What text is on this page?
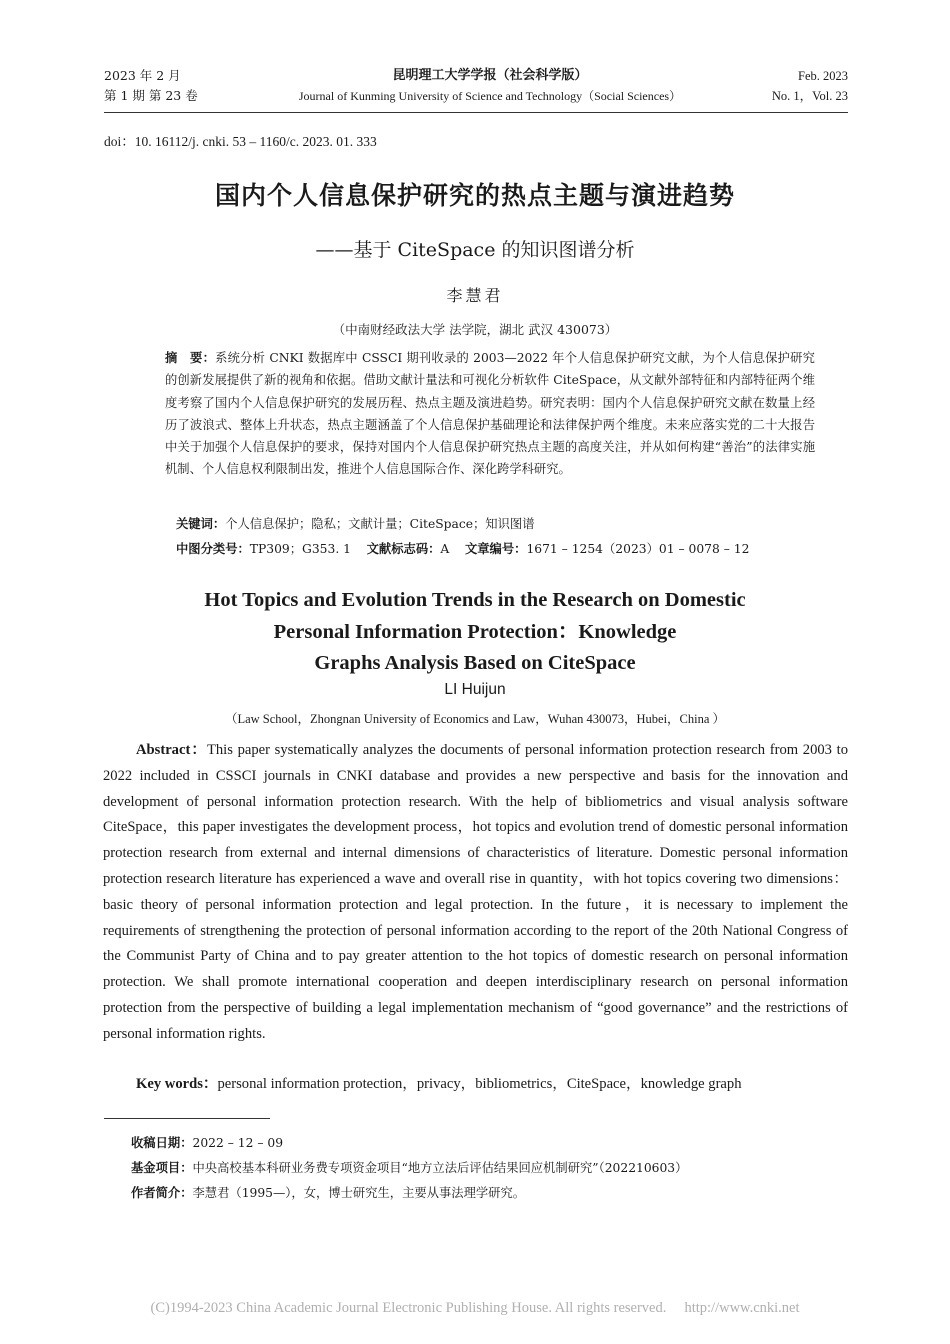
2023 年 2 月
第 1 期 第 23 卷
昆明理工大学学报（社会科学版）
Journal of Kunming University of Science and Technology（Social Sciences）
Feb. 2023
No. 1，Vol. 23
doi：10. 16112/j. cnki. 53 – 1160/c. 2023. 01. 333
国内个人信息保护研究的热点主题与演进趋势
——基于 CiteSpace 的知识图谱分析
李慧君
（中南财经政法大学 法学院，湖北 武汉 430073）
摘　要：系统分析 CNKI 数据库中 CSSCI 期刊收录的 2003—2022 年个人信息保护研究文献，为个人信息保护研究的创新发展提供了新的视角和依据。借助文献计量法和可视化分析软件 CiteSpace，从文献外部特征和内部特征两个维度考察了国内个人信息保护研究的发展历程、热点主题及演进趋势。研究表明：国内个人信息保护研究文献在数量上经历了波浪式、整体上升状态，热点主题涵盖了个人信息保护基础理论和法律保护两个维度。未来应落实党的二十大报告中关于加强个人信息保护的要求，保持对国内个人信息保护研究热点主题的高度关注，并从如何构建“善治”的法律实施机制、个人信息权利限制出发，推进个人信息国际合作、深化跨学科研究。
关键词：个人信息保护；隐私；文献计量；CiteSpace；知识图谱
中图分类号：TP309；G353. 1 文献标志码：A 文章编号：1671 – 1254（2023）01 – 0078 – 12
Hot Topics and Evolution Trends in the Research on Domestic
Personal Information Protection：Knowledge
Graphs Analysis Based on CiteSpace
LI Huijun
（Law School，Zhongnan University of Economics and Law，Wuhan 430073，Hubei，China ）
Abstract：This paper systematically analyzes the documents of personal information protection research from 2003 to 2022 included in CSSCI journals in CNKI database and provides a new perspective and basis for the innovation and development of personal information protection research. With the help of bibliometrics and visual analysis software CiteSpace，this paper investigates the development process，hot topics and evolution trend of domestic personal information protection research from external and internal dimensions of characteristics of literature. Domestic personal information protection research literature has experienced a wave and overall rise in quantity，with hot topics covering two dimensions：basic theory of personal information protection and legal protection. In the future，it is necessary to implement the requirements of strengthening the protection of personal information according to the report of the 20th National Congress of the Communist Party of China and to pay greater attention to the hot topics of domestic research on personal information protection. We shall promote international cooperation and deepen interdisciplinary research on personal information protection from the perspective of building a legal implementation mechanism of “good governance” and the restrictions of personal information rights.
Key words：personal information protection，privacy，bibliometrics，CiteSpace，knowledge graph
收稿日期：2022 – 12 – 09
基金项目：中央高校基本科研业务费专项资金项目“地方立法后评估结果回应机制研究”（202210603）
作者简介：李慧君（1995—），女，博士研究生，主要从事法理学研究。
(C)1994-2023 China Academic Journal Electronic Publishing House. All rights reserved.　 http://www.cnki.net
